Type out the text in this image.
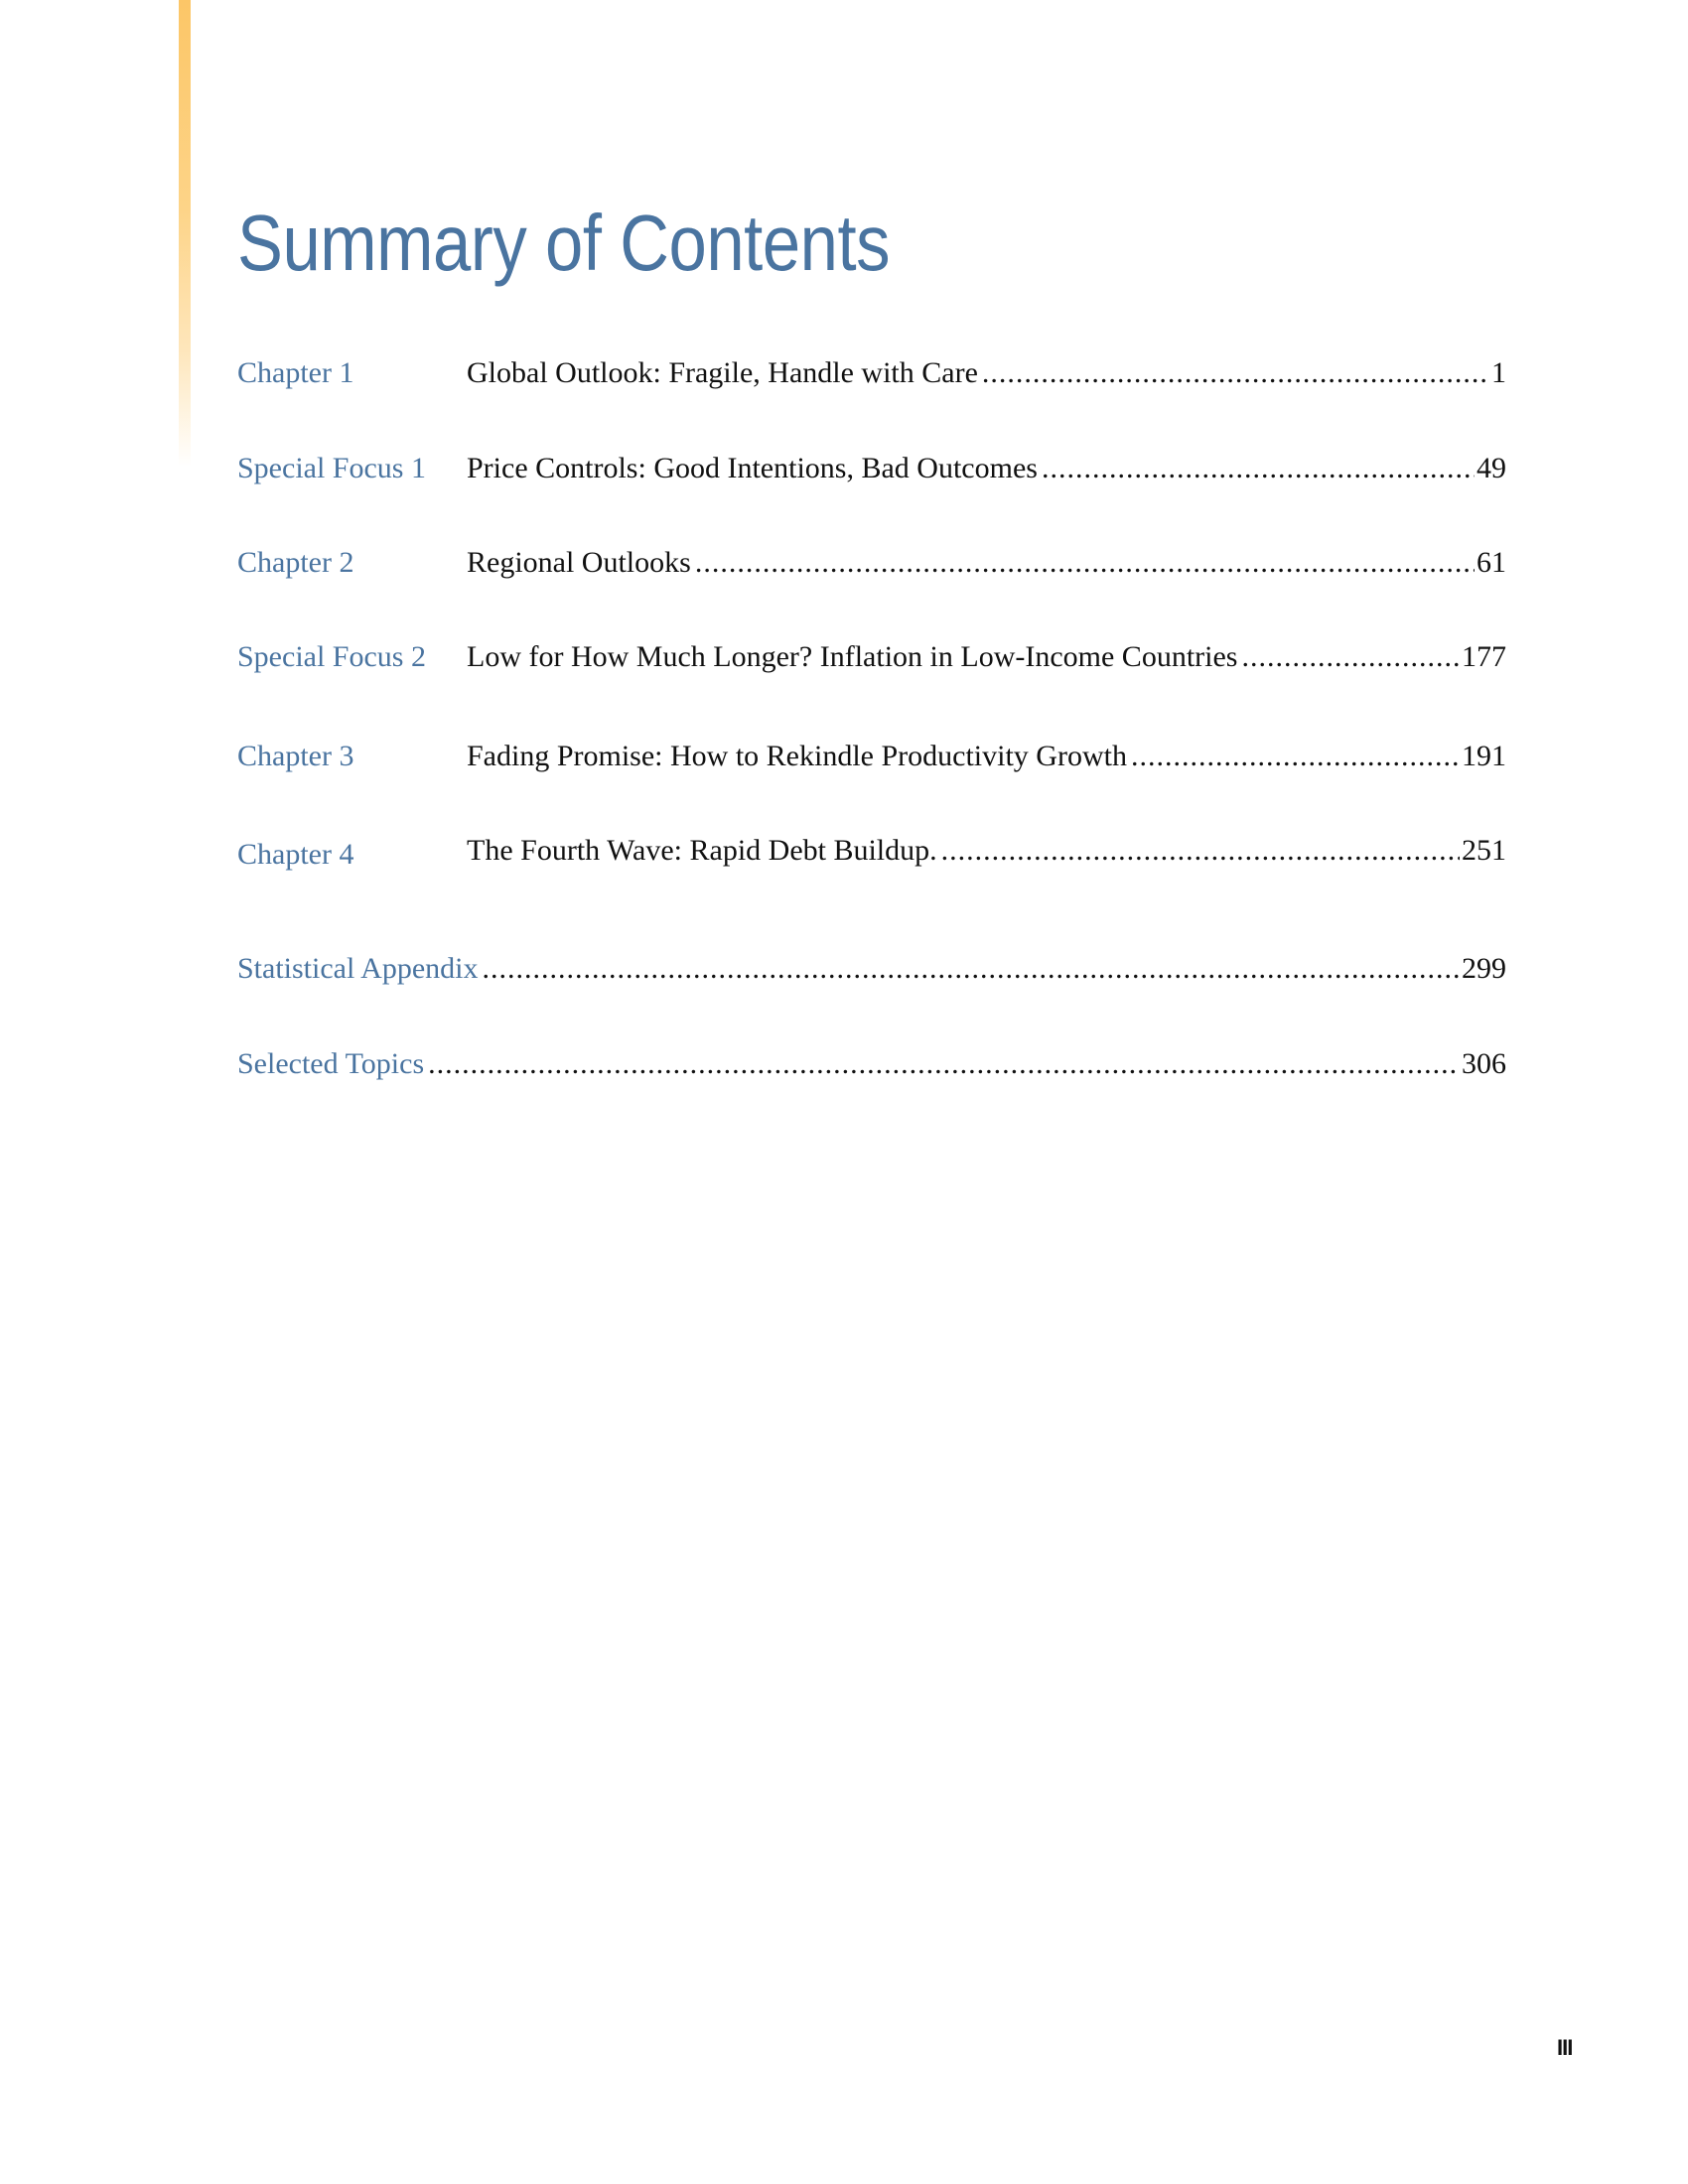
Summary of Contents
Chapter 1	Global Outlook: Fragile, Handle with Care .....	1
Special Focus 1	Price Controls: Good Intentions, Bad Outcomes .....	49
Chapter 2	Regional Outlooks .....	61
Special Focus 2	Low for How Much Longer? Inflation in Low-Income Countries .....	177
Chapter 3	Fading Promise: How to Rekindle Productivity Growth .....	191
Chapter 4	The Fourth Wave: Rapid Debt Buildup. .....	251
Statistical Appendix .....	299
Selected Topics .....	306
III
